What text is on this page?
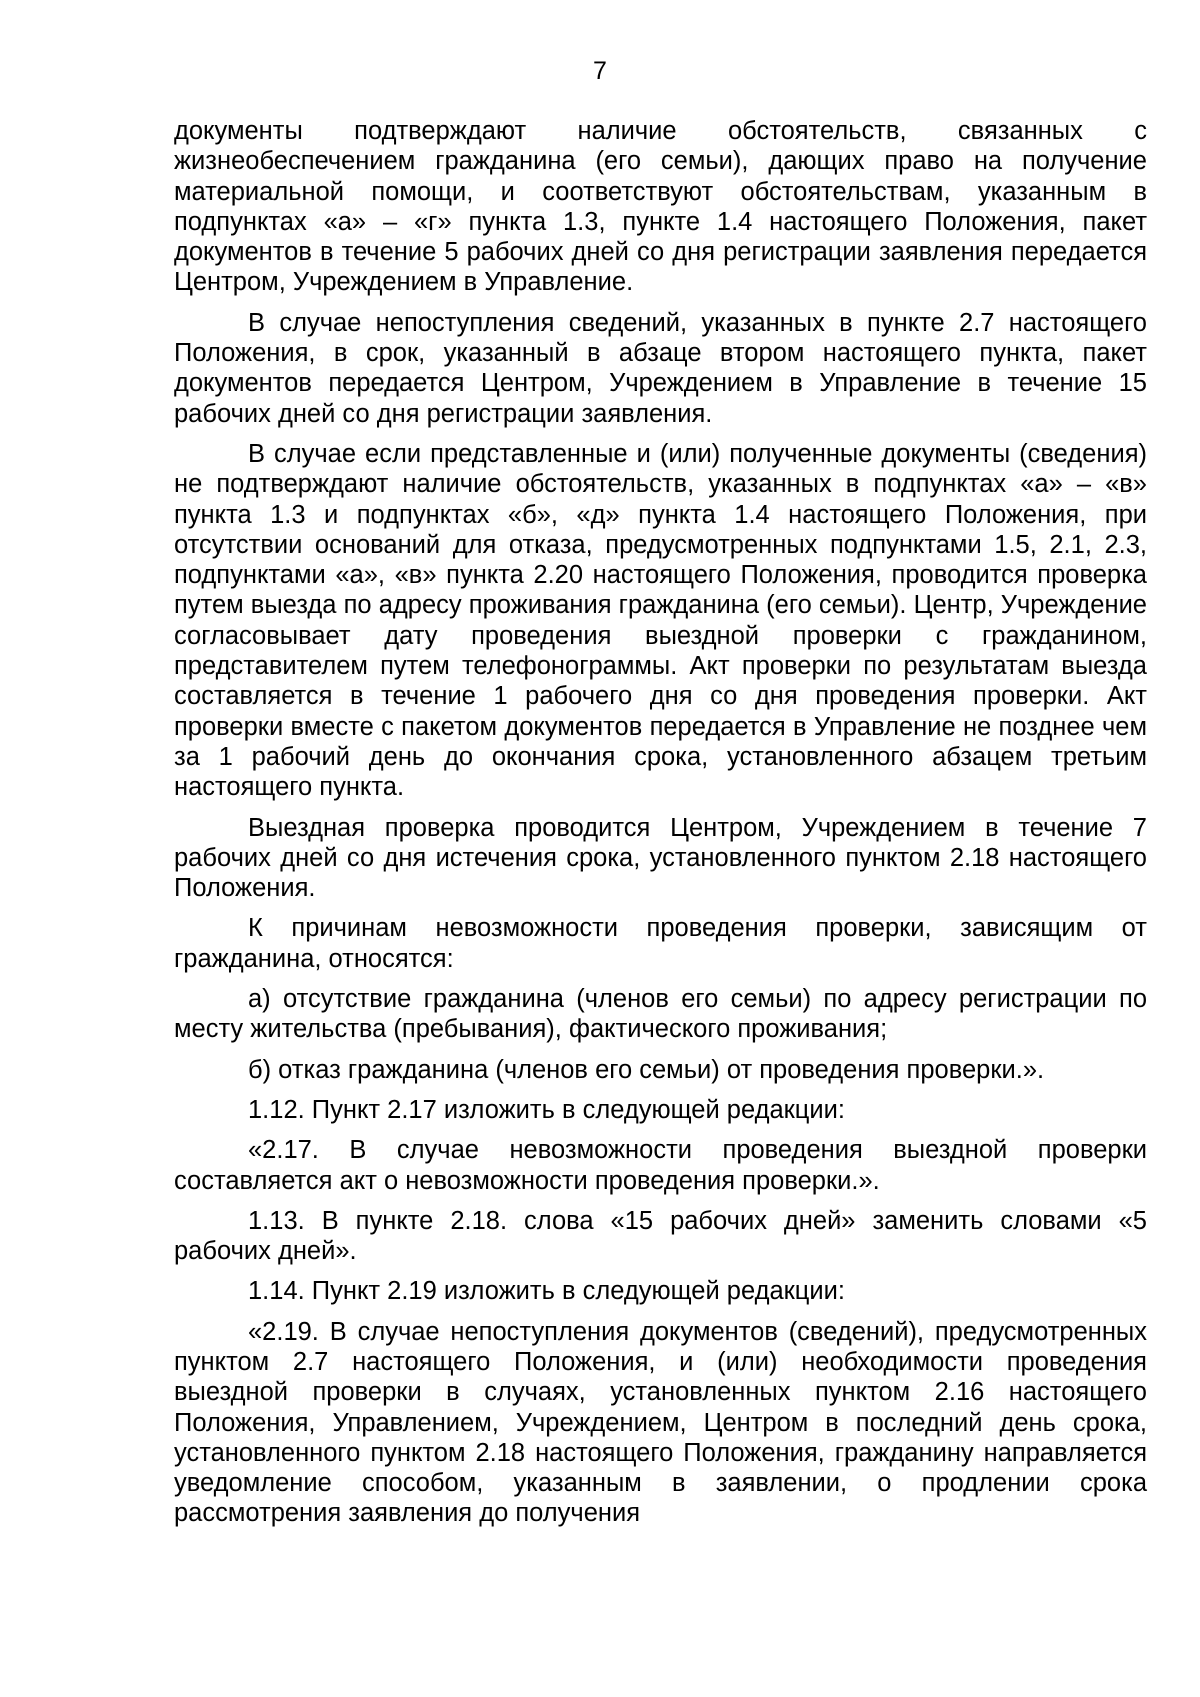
7

документы подтверждают наличие обстоятельств, связанных с жизнеобеспечением гражданина (его семьи), дающих право на получение материальной помощи, и соответствуют обстоятельствам, указанным в подпунктах «а» – «г» пункта 1.3, пункте 1.4 настоящего Положения, пакет документов в течение 5 рабочих дней со дня регистрации заявления передается Центром, Учреждением в Управление.

В случае непоступления сведений, указанных в пункте 2.7 настоящего Положения, в срок, указанный в абзаце втором настоящего пункта, пакет документов передается Центром, Учреждением в Управление в течение 15 рабочих дней со дня регистрации заявления.

В случае если представленные и (или) полученные документы (сведения) не подтверждают наличие обстоятельств, указанных в подпунктах «а» – «в» пункта 1.3 и подпунктах «б», «д» пункта 1.4 настоящего Положения, при отсутствии оснований для отказа, предусмотренных подпунктами 1.5, 2.1, 2.3, подпунктами «а», «в» пункта 2.20 настоящего Положения, проводится проверка путем выезда по адресу проживания гражданина (его семьи). Центр, Учреждение согласовывает дату проведения выездной проверки с гражданином, представителем путем телефонограммы. Акт проверки по результатам выезда составляется в течение 1 рабочего дня со дня проведения проверки. Акт проверки вместе с пакетом документов передается в Управление не позднее чем за 1 рабочий день до окончания срока, установленного абзацем третьим настоящего пункта.

Выездная проверка проводится Центром, Учреждением в течение 7 рабочих дней со дня истечения срока, установленного пунктом 2.18 настоящего Положения.

К причинам невозможности проведения проверки, зависящим от гражданина, относятся:

а) отсутствие гражданина (членов его семьи) по адресу регистрации по месту жительства (пребывания), фактического проживания;

б) отказ гражданина (членов его семьи) от проведения проверки.».

1.12. Пункт 2.17 изложить в следующей редакции:

«2.17. В случае невозможности проведения выездной проверки составляется акт о невозможности проведения проверки.».

1.13. В пункте 2.18. слова «15 рабочих дней» заменить словами «5 рабочих дней».

1.14. Пункт 2.19 изложить в следующей редакции:

«2.19. В случае непоступления документов (сведений), предусмотренных пунктом 2.7 настоящего Положения, и (или) необходимости проведения выездной проверки в случаях, установленных пунктом 2.16 настоящего Положения, Управлением, Учреждением, Центром в последний день срока, установленного пунктом 2.18 настоящего Положения, гражданину направляется уведомление способом, указанным в заявлении, о продлении срока рассмотрения заявления до получения
